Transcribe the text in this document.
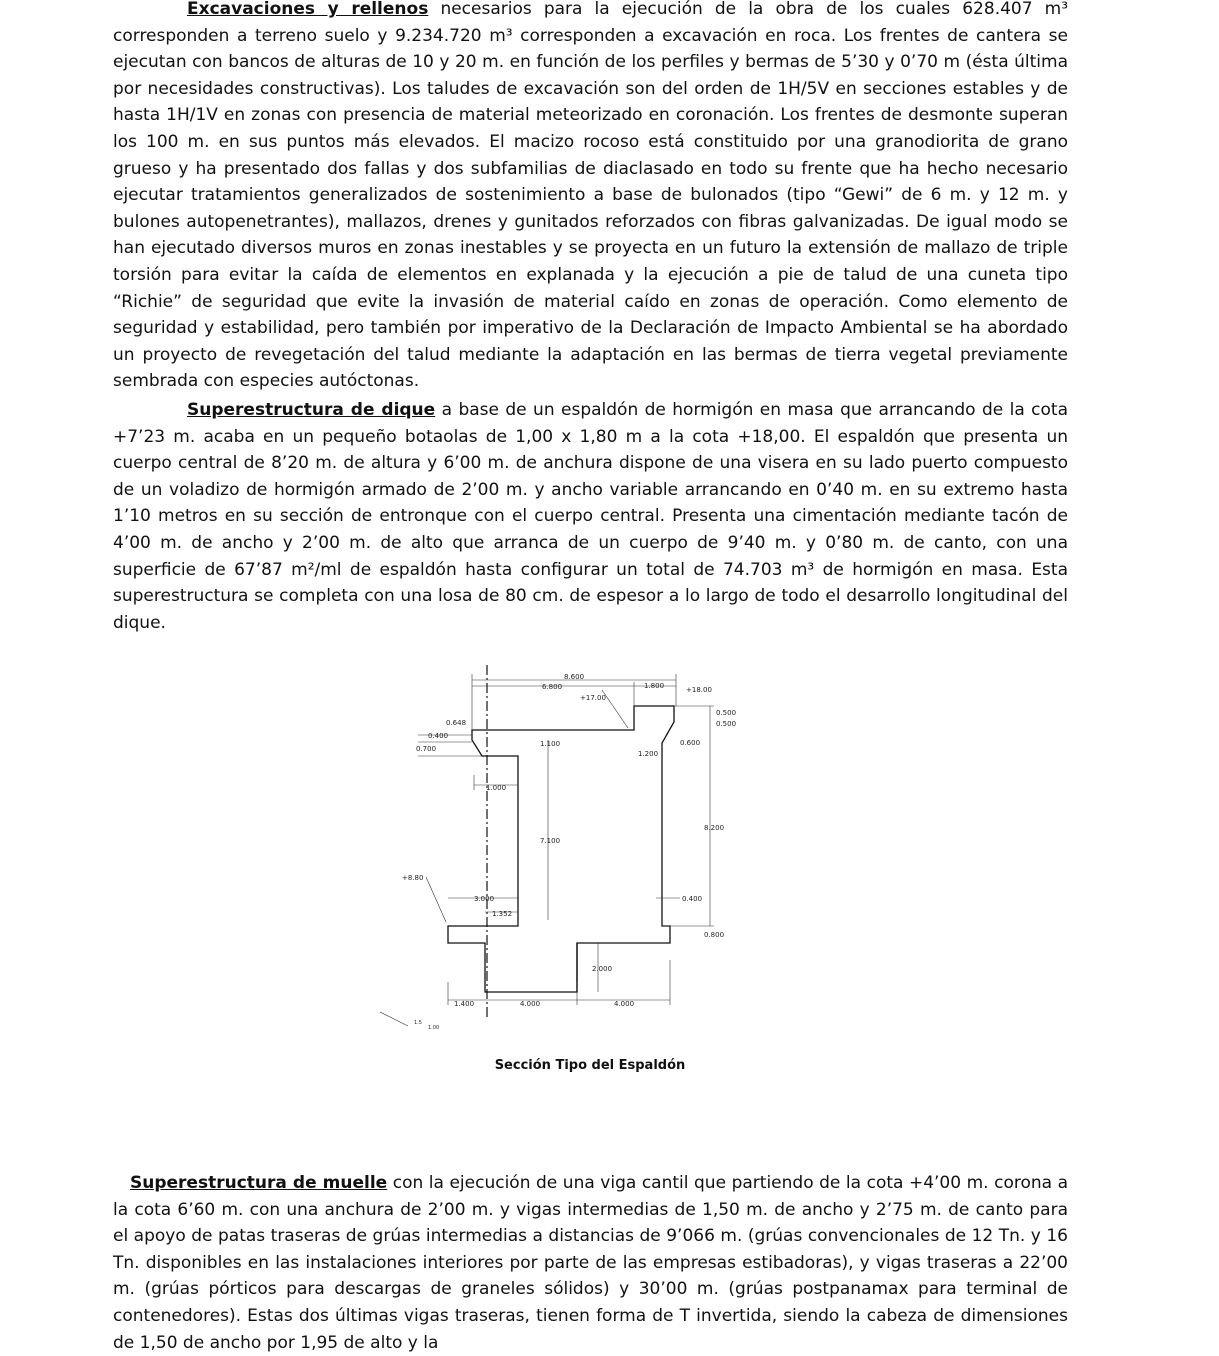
Excavaciones y rellenos necesarios para la ejecución de la obra de los cuales 628.407 m³ corresponden a terreno suelo y 9.234.720 m³ corresponden a excavación en roca. Los frentes de cantera se ejecutan con bancos de alturas de 10 y 20 m. en función de los perfiles y bermas de 5’30 y 0’70 m (ésta última por necesidades constructivas). Los taludes de excavación son del orden de 1H/5V en secciones estables y de hasta 1H/1V en zonas con presencia de material meteorizado en coronación. Los frentes de desmonte superan los 100 m. en sus puntos más elevados. El macizo rocoso está constituido por una granodiorita de grano grueso y ha presentado dos fallas y dos subfamilias de diaclasado en todo su frente que ha hecho necesario ejecutar tratamientos generalizados de sostenimiento a base de bulonados (tipo “Gewi” de 6 m. y 12 m. y bulones autopenetrantes), mallazos, drenes y gunitados reforzados con fibras galvanizadas. De igual modo se han ejecutado diversos muros en zonas inestables y se proyecta en un futuro la extensión de mallazo de triple torsión para evitar la caída de elementos en explanada y la ejecución a pie de talud de una cuneta tipo “Richie” de seguridad que evite la invasión de material caído en zonas de operación. Como elemento de seguridad y estabilidad, pero también por imperativo de la Declaración de Impacto Ambiental se ha abordado un proyecto de revegetación del talud mediante la adaptación en las bermas de tierra vegetal previamente sembrada con especies autóctonas.

Superestructura de dique a base de un espaldón de hormigón en masa que arrancando de la cota +7’23 m. acaba en un pequeño botaolas de 1,00 x 1,80 m a la cota +18,00. El espaldón que presenta un cuerpo central de 8’20 m. de altura y 6’00 m. de anchura dispone de una visera en su lado puerto compuesto de un voladizo de hormigón armado de 2’00 m. y ancho variable arrancando en 0’40 m. en su extremo hasta 1’10 metros en su sección de entronque con el cuerpo central. Presenta una cimentación mediante tacón de 4’00 m. de ancho y 2’00 m. de alto que arranca de un cuerpo de 9’40 m. y 0’80 m. de canto, con una superficie de 67’87 m²/ml de espaldón hasta configurar un total de 74.703 m³ de hormigón en masa. Esta superestructura se completa con una losa de 80 cm. de espesor a lo largo de todo el desarrollo longitudinal del dique.

8.600
6.800	1.800	+18.00
+17.00
0.500
0.500
0.648
0.400
0.700
1.100	0.600
1.200
1.000
8.200
7.100
+8.80
3.000
1.352
0.400
0.800
2.000
1.400	4.000	4.000
1.5
1.00
Sección Tipo del Espaldón

Superestructura de muelle con la ejecución de una viga cantil que partiendo de la cota +4’00 m. corona a la cota 6’60 m. con una anchura de 2’00 m. y vigas intermedias de 1,50 m. de ancho y 2’75 m. de canto para el apoyo de patas traseras de grúas intermedias a distancias de 9’066 m. (grúas convencionales de 12 Tn. y 16 Tn. disponibles en las instalaciones interiores por parte de las empresas estibadoras), y vigas traseras a 22’00 m. (grúas pórticos para descargas de graneles sólidos) y 30’00 m. (grúas postpanamax para terminal de contenedores). Estas dos últimas vigas traseras, tienen forma de T invertida, siendo la cabeza de dimensiones de 1,50 de ancho por 1,95 de alto y la
